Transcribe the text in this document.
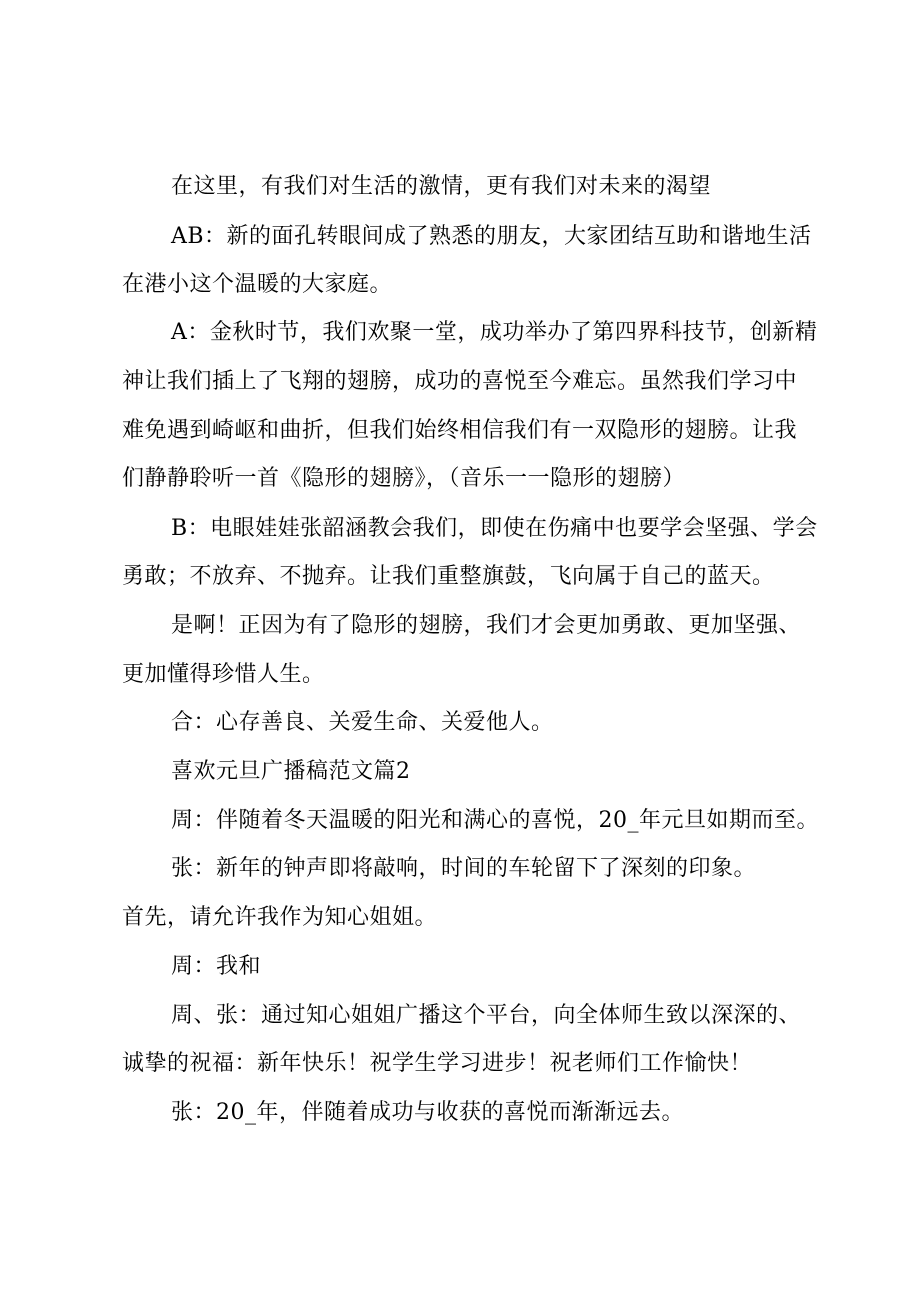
在这里，有我们对生活的激情，更有我们对未来的渴望
AB：新的面孔转眼间成了熟悉的朋友，大家团结互助和谐地生活
在港小这个温暖的大家庭。
A：金秋时节，我们欢聚一堂，成功举办了第四界科技节，创新精
神让我们插上了飞翔的翅膀，成功的喜悦至今难忘。虽然我们学习中
难免遇到崎岖和曲折，但我们始终相信我们有一双隐形的翅膀。让我
们静静聆听一首《隐形的翅膀》，（音乐一一隐形的翅膀）
B：电眼娃娃张韶涵教会我们，即使在伤痛中也要学会坚强、学会
勇敢；不放弃、不抛弃。让我们重整旗鼓，飞向属于自己的蓝天。
是啊！正因为有了隐形的翅膀，我们才会更加勇敢、更加坚强、
更加懂得珍惜人生。
合：心存善良、关爱生命、关爱他人。
喜欢元旦广播稿范文篇2
周：伴随着冬天温暖的阳光和满心的喜悦，20_年元旦如期而至。
张：新年的钟声即将敲响，时间的车轮留下了深刻的印象。
首先，请允许我作为知心姐姐。
周：我和
周、张：通过知心姐姐广播这个平台，向全体师生致以深深的、
诚挚的祝福：新年快乐！祝学生学习进步！祝老师们工作愉快！
张：20_年，伴随着成功与收获的喜悦而渐渐远去。
